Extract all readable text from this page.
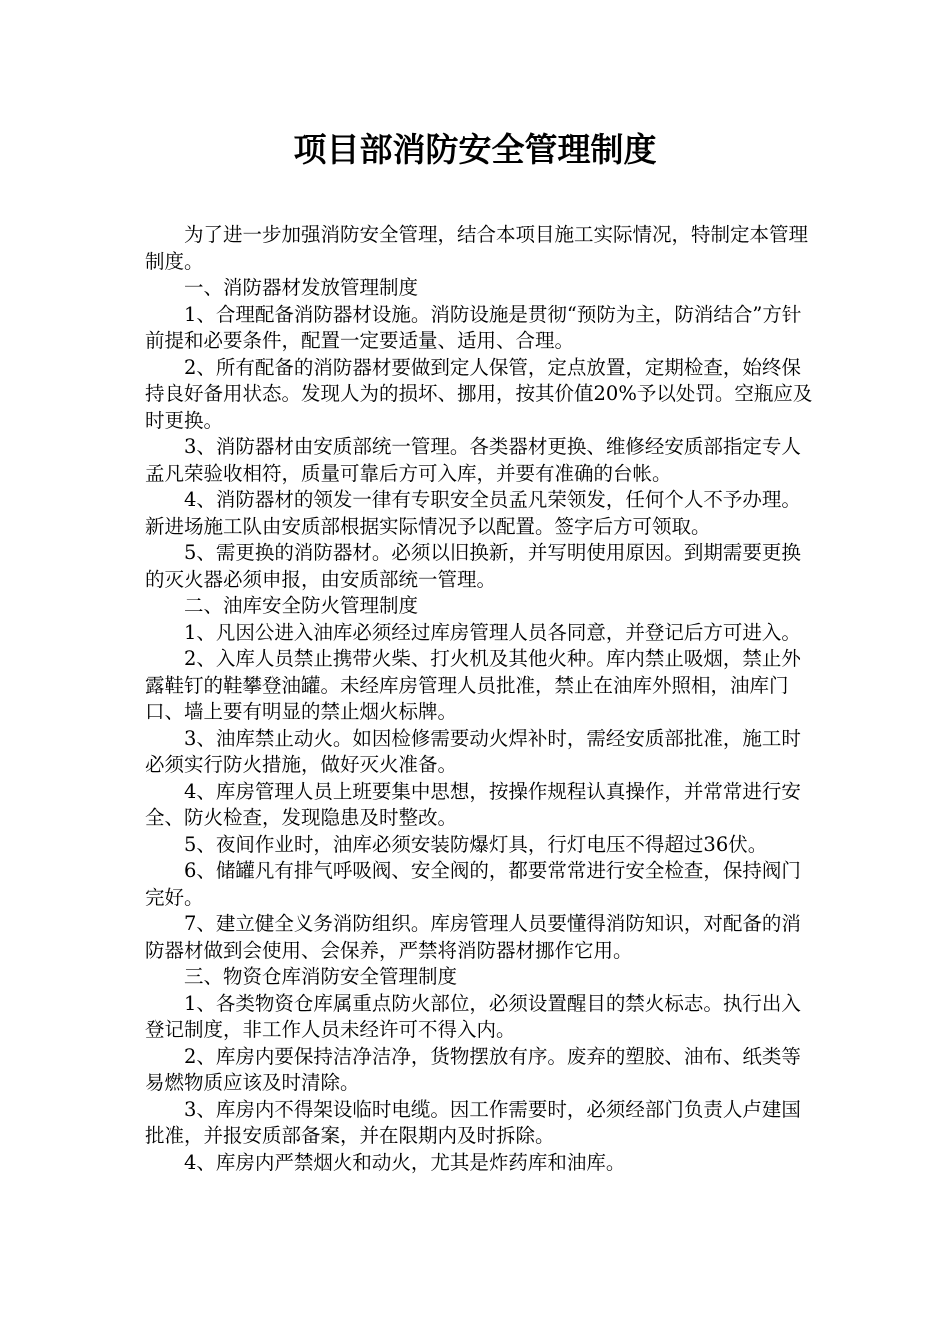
项目部消防安全管理制度

为了进一步加强消防安全管理，结合本项目施工实际情况，特制定本管理制度。

一、消防器材发放管理制度

1、合理配备消防器材设施。消防设施是贯彻“预防为主，防消结合”方针前提和必要条件，配置一定要适量、适用、合理。

2、所有配备的消防器材要做到定人保管，定点放置，定期检查，始终保持良好备用状态。发现人为的损坏、挪用，按其价值20%予以处罚。空瓶应及时更换。

3、消防器材由安质部统一管理。各类器材更换、维修经安质部指定专人孟凡荣验收相符，质量可靠后方可入库，并要有准确的台帐。

4、消防器材的领发一律有专职安全员孟凡荣领发，任何个人不予办理。新进场施工队由安质部根据实际情况予以配置。签字后方可领取。

5、需更换的消防器材。必须以旧换新，并写明使用原因。到期需要更换的灭火器必须申报，由安质部统一管理。

二、油库安全防火管理制度

1、凡因公进入油库必须经过库房管理人员各同意，并登记后方可进入。

2、入库人员禁止携带火柴、打火机及其他火种。库内禁止吸烟，禁止外露鞋钉的鞋攀登油罐。未经库房管理人员批准，禁止在油库外照相，油库门口、墙上要有明显的禁止烟火标牌。

3、油库禁止动火。如因检修需要动火焊补时，需经安质部批准，施工时必须实行防火措施，做好灭火准备。

4、库房管理人员上班要集中思想，按操作规程认真操作，并常常进行安全、防火检查，发现隐患及时整改。

5、夜间作业时，油库必须安装防爆灯具，行灯电压不得超过36伏。

6、储罐凡有排气呼吸阀、安全阀的，都要常常进行安全检查，保持阀门完好。

7、建立健全义务消防组织。库房管理人员要懂得消防知识，对配备的消防器材做到会使用、会保养，严禁将消防器材挪作它用。

三、物资仓库消防安全管理制度

1、各类物资仓库属重点防火部位，必须设置醒目的禁火标志。执行出入登记制度，非工作人员未经许可不得入内。

2、库房内要保持洁净洁净，货物摆放有序。废弃的塑胶、油布、纸类等易燃物质应该及时清除。

3、库房内不得架设临时电缆。因工作需要时，必须经部门负责人卢建国批准，并报安质部备案，并在限期内及时拆除。

4、库房内严禁烟火和动火，尤其是炸药库和油库。
